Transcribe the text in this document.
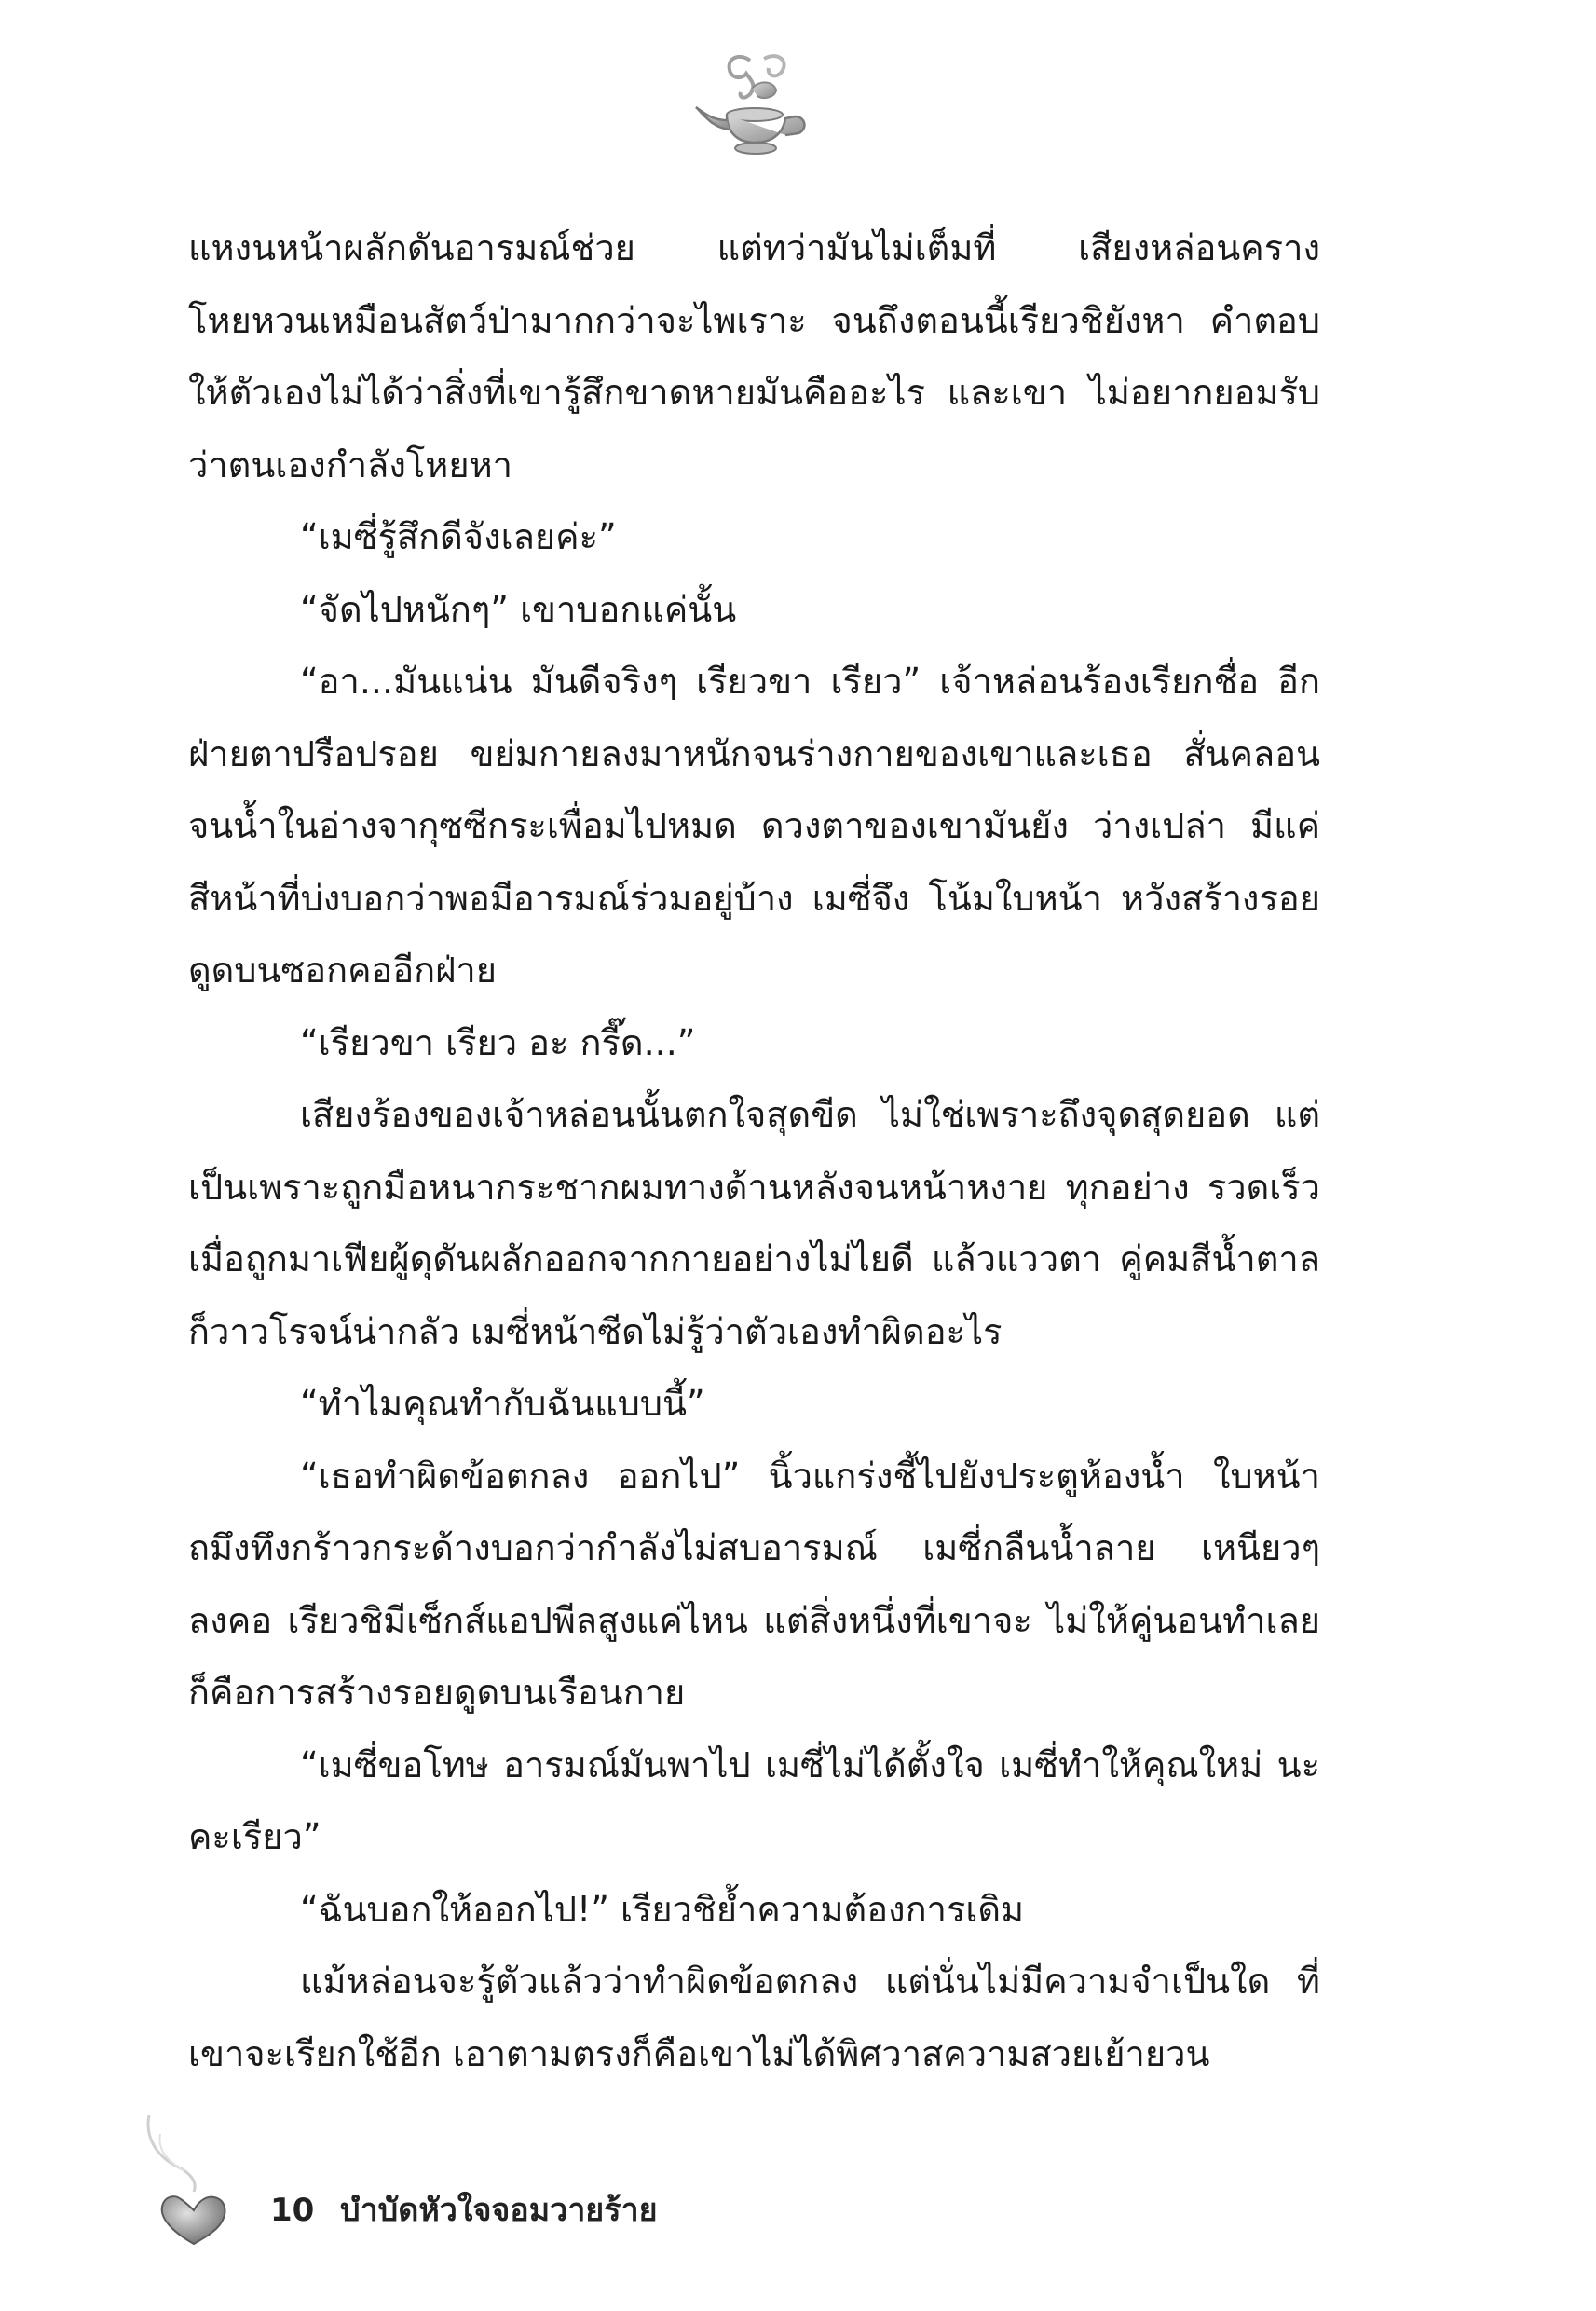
แหงนหน้าผลักดันอารมณ์ช่วย แต่ทว่ามันไม่เต็มที่ เสียงหล่อนคราง โหยหวนเหมือนสัตว์ป่ามากกว่าจะไพเราะ จนถึงตอนนี้เรียวชิยังหา คำตอบให้ตัวเองไม่ได้ว่าสิ่งที่เขารู้สึกขาดหายมันคืออะไร และเขา ไม่อยากยอมรับว่าตนเองกำลังโหยหา

“เมซี่รู้สึกดีจังเลยค่ะ”

“จัดไปหนักๆ” เขาบอกแค่นั้น

“อา...มันแน่น มันดีจริงๆ เรียวขา เรียว” เจ้าหล่อนร้องเรียกชื่อ อีกฝ่ายตาปรือปรอย ขย่มกายลงมาหนักจนร่างกายของเขาและเธอ สั่นคลอนจนน้ำในอ่างจากุซซีกระเพื่อมไปหมด ดวงตาของเขามันยัง ว่างเปล่า มีแค่สีหน้าที่บ่งบอกว่าพอมีอารมณ์ร่วมอยู่บ้าง เมซี่จึง โน้มใบหน้า หวังสร้างรอยดูดบนซอกคออีกฝ่าย

“เรียวขา เรียว อะ กรี๊ด...”

เสียงร้องของเจ้าหล่อนนั้นตกใจสุดขีด ไม่ใช่เพราะถึงจุดสุดยอด แต่เป็นเพราะถูกมือหนากระชากผมทางด้านหลังจนหน้าหงาย ทุกอย่าง รวดเร็วเมื่อถูกมาเฟียผู้ดุดันผลักออกจากกายอย่างไม่ไยดี แล้วแววตา คู่คมสีน้ำตาลก็วาวโรจน์น่ากลัว เมซี่หน้าซีดไม่รู้ว่าตัวเองทำผิดอะไร

“ทำไมคุณทำกับฉันแบบนี้”

“เธอทำผิดข้อตกลง ออกไป” นิ้วแกร่งชี้ไปยังประตูห้องน้ำ ใบหน้าถมึงทึงกร้าวกระด้างบอกว่ากำลังไม่สบอารมณ์ เมซี่กลืนน้ำลาย เหนียวๆ ลงคอ เรียวชิมีเซ็กส์แอปพีลสูงแค่ไหน แต่สิ่งหนึ่งที่เขาจะ ไม่ให้คู่นอนทำเลย ก็คือการสร้างรอยดูดบนเรือนกาย

“เมซี่ขอโทษ อารมณ์มันพาไป เมซี่ไม่ได้ตั้งใจ เมซี่ทำให้คุณใหม่ นะคะเรียว”

“ฉันบอกให้ออกไป!” เรียวชิย้ำความต้องการเดิม

แม้หล่อนจะรู้ตัวแล้วว่าทำผิดข้อตกลง แต่นั่นไม่มีความจำเป็นใด ที่เขาจะเรียกใช้อีก เอาตามตรงก็คือเขาไม่ได้พิศวาสความสวยเย้ายวน

10 บำบัดหัวใจจอมวายร้าย
